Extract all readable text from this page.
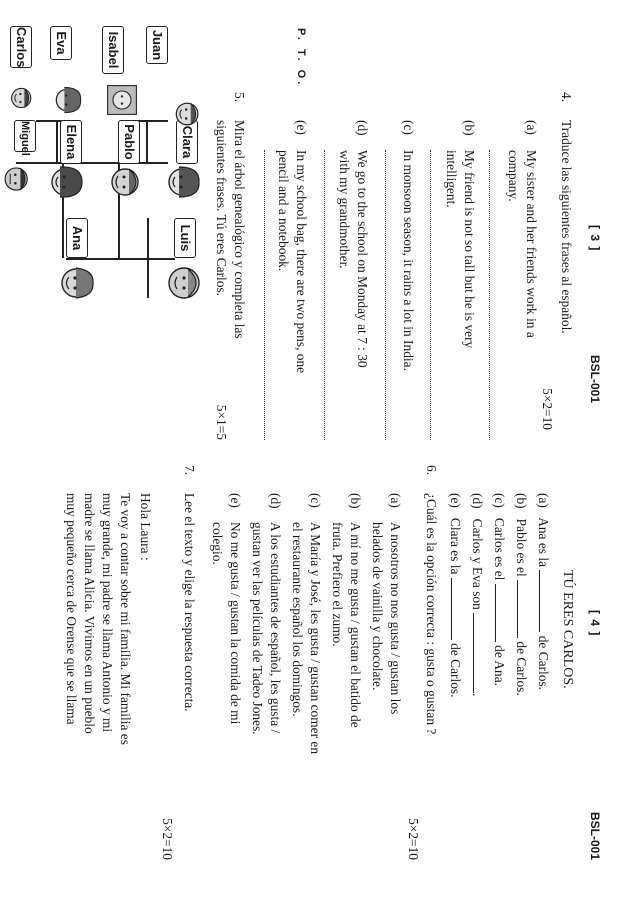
[ 3 ]
BSL-001
4.
Traduce las siguientes frases al español.
5×2=10
(a)
My sister and her friends work in a
company.
(b)
My friend is not so tall but he is very
intelligent.
(c)
In monsoon season, it rains a lot in India.
(d)
We go to the school on Monday at 7 : 30
with my grandmother.
(e)
In my school bag, there are two pens, one
pencil and a notebook.
5.
Mira el árbol genealógico y completa las
siguientes frases. Tú eres Carlos.
5×1=5
Luis
Ana
Clara
Pablo
Elena
Miguel
Juan
Isabel
Eva
Carlos	P. T. O.
[ 4 ]
BSL-001
TÚ ERES CARLOS.
(a)   Ana es la  de Carlos.
(b)   Pablo es el  de Carlos.
(c)   Carlos es el  de Ana.
(d)   Carlos y Eva son .
(e)   Clara es la  de Carlos.
6.
¿Cuál es la opción correcta : gusta o gustan ?
5×2=10
(a)
A nosotros no nos gusta / gustan los
helados de vainilla y chocolate.
(b)
A mí no me gusta / gustan el batido de
fruta. Prefiero el zumo.
(c)
A María y José, les gusta / gustan comer en
el restaurante español los domingos.
(d)
A los estudiantes de español, les gusta /
gustan ver las películas de Tadeo Jones.
(e)
No me gusta / gustan la comida de mi
colegio.
7.
Lee el texto y elige la respuesta correcta.
5×2=10
Hola Laura :
Te voy a contar sobre mi familia. Mi familia es
muy grande, mi padre se llama Antonio y mi
madre se llama Alicia. Vivimos en un pueblo
muy pequeño cerca de Orense que se llama
